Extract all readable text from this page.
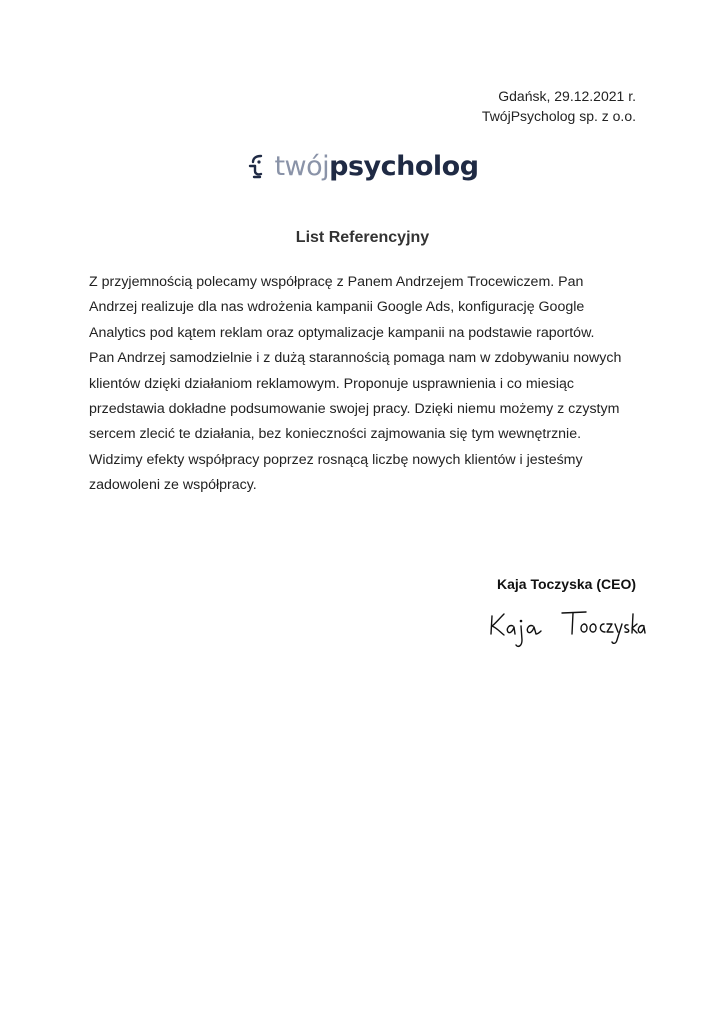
Gdańsk, 29.12.2021 r.
TwójPsycholog sp. z o.o.
twójpsycholog
List Referencyjny
Z przyjemnością polecamy współpracę z Panem Andrzejem Trocewiczem. Pan
Andrzej realizuje dla nas wdrożenia kampanii Google Ads, konfigurację Google
Analytics pod kątem reklam oraz optymalizacje kampanii na podstawie raportów.
Pan Andrzej samodzielnie i z dużą starannością pomaga nam w zdobywaniu nowych
klientów dzięki działaniom reklamowym. Proponuje usprawnienia i co miesiąc
przedstawia dokładne podsumowanie swojej pracy. Dzięki niemu możemy z czystym
sercem zlecić te działania, bez konieczności zajmowania się tym wewnętrznie.
Widzimy efekty współpracy poprzez rosnącą liczbę nowych klientów i jesteśmy
zadowoleni ze współpracy.
Kaja Toczyska (CEO)
